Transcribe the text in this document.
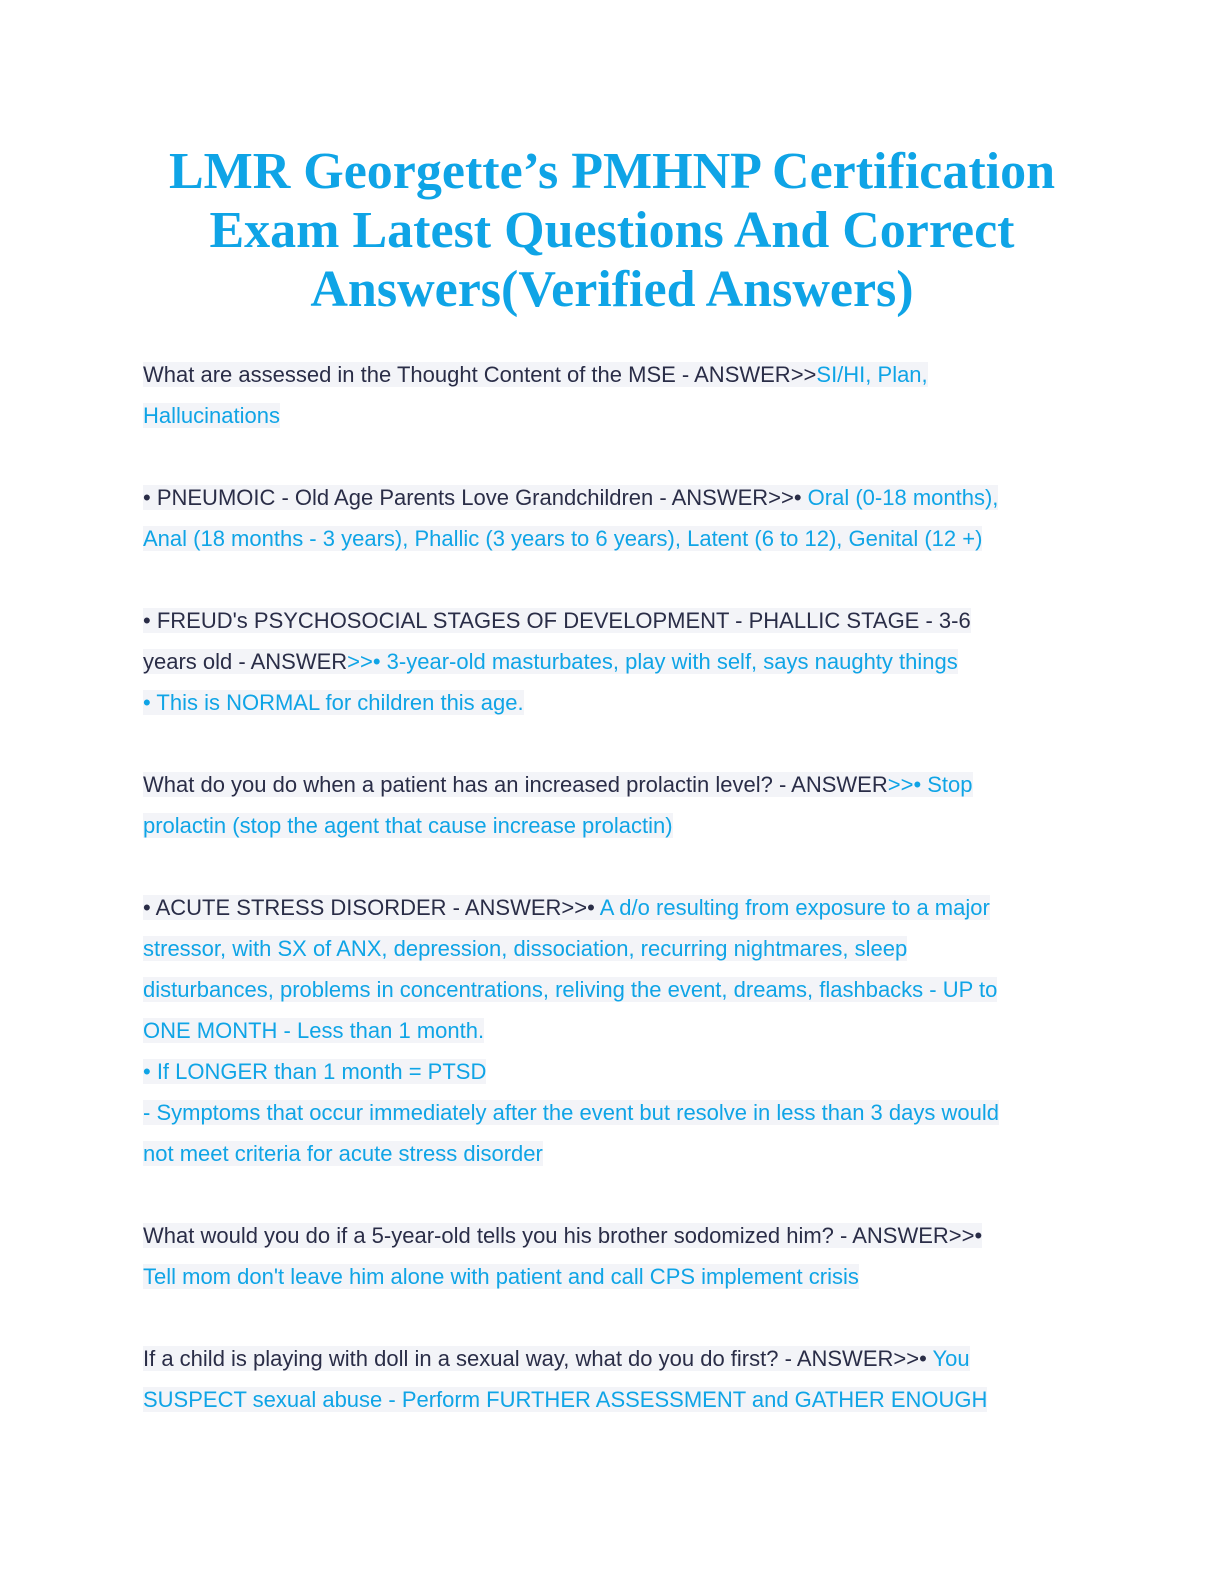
LMR Georgette’s PMHNP Certification
Exam Latest Questions And Correct
Answers(Verified Answers)
What are assessed in the Thought Content of the MSE - ANSWER>>SI/HI, Plan,
Hallucinations
• PNEUMOIC - Old Age Parents Love Grandchildren - ANSWER>>• Oral (0-18 months),
Anal (18 months - 3 years), Phallic (3 years to 6 years), Latent (6 to 12), Genital (12 +)
• FREUD's PSYCHOSOCIAL STAGES OF DEVELOPMENT - PHALLIC STAGE - 3-6
years old - ANSWER>>• 3-year-old masturbates, play with self, says naughty things
• This is NORMAL for children this age.
What do you do when a patient has an increased prolactin level? - ANSWER>>• Stop
prolactin (stop the agent that cause increase prolactin)
• ACUTE STRESS DISORDER - ANSWER>>• A d/o resulting from exposure to a major
stressor, with SX of ANX, depression, dissociation, recurring nightmares, sleep
disturbances, problems in concentrations, reliving the event, dreams, flashbacks - UP to
ONE MONTH - Less than 1 month.
• If LONGER than 1 month = PTSD
- Symptoms that occur immediately after the event but resolve in less than 3 days would
not meet criteria for acute stress disorder
What would you do if a 5-year-old tells you his brother sodomized him? - ANSWER>>•
Tell mom don't leave him alone with patient and call CPS implement crisis
If a child is playing with doll in a sexual way, what do you do first? - ANSWER>>• You
SUSPECT sexual abuse - Perform FURTHER ASSESSMENT and GATHER ENOUGH
